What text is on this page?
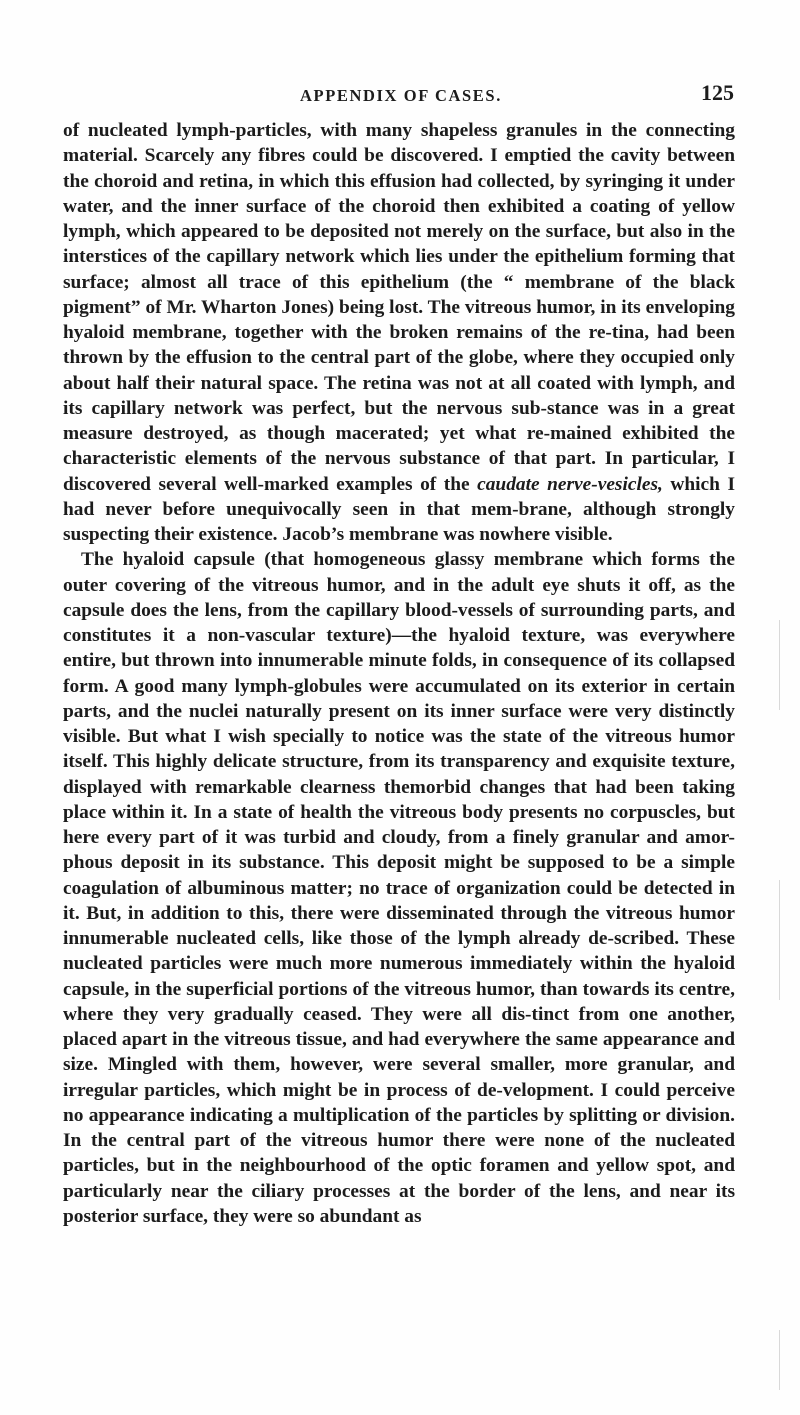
APPENDIX OF CASES.	125

of nucleated lymph-particles, with many shapeless granules in the connecting material. Scarcely any fibres could be discovered. I emptied the cavity between the choroid and retina, in which this effusion had collected, by syringing it under water, and the inner surface of the choroid then exhibited a coating of yellow lymph, which appeared to be deposited not merely on the surface, but also in the interstices of the capillary network which lies under the epithelium forming that surface; almost all trace of this epithelium (the “ membrane of the black pigment” of Mr. Wharton Jones) being lost. The vitreous humor, in its enveloping hyaloid membrane, together with the broken remains of the re-tina, had been thrown by the effusion to the central part of the globe, where they occupied only about half their natural space. The retina was not at all coated with lymph, and its capillary network was perfect, but the nervous sub-stance was in a great measure destroyed, as though macerated; yet what re-mained exhibited the characteristic elements of the nervous substance of that part. In particular, I discovered several well-marked examples of the caudate nerve-vesicles, which I had never before unequivocally seen in that mem-brane, although strongly suspecting their existence. Jacob’s membrane was nowhere visible.

The hyaloid capsule (that homogeneous glassy membrane which forms the outer covering of the vitreous humor, and in the adult eye shuts it off, as the capsule does the lens, from the capillary blood-vessels of surrounding parts, and constitutes it a non-vascular texture)—the hyaloid texture, was everywhere entire, but thrown into innumerable minute folds, in consequence of its collapsed form. A good many lymph-globules were accumulated on its exterior in certain parts, and the nuclei naturally present on its inner surface were very distinctly visible. But what I wish specially to notice was the state of the vitreous humor itself. This highly delicate structure, from its transparency and exquisite texture, displayed with remarkable clearness themorbid changes that had been taking place within it. In a state of health the vitreous body presents no corpuscles, but here every part of it was turbid and cloudy, from a finely granular and amor-phous deposit in its substance. This deposit might be supposed to be a simple coagulation of albuminous matter; no trace of organization could be detected in it. But, in addition to this, there were disseminated through the vitreous humor innumerable nucleated cells, like those of the lymph already de-scribed. These nucleated particles were much more numerous immediately within the hyaloid capsule, in the superficial portions of the vitreous humor, than towards its centre, where they very gradually ceased. They were all dis-tinct from one another, placed apart in the vitreous tissue, and had everywhere the same appearance and size. Mingled with them, however, were several smaller, more granular, and irregular particles, which might be in process of de-velopment. I could perceive no appearance indicating a multiplication of the particles by splitting or division. In the central part of the vitreous humor there were none of the nucleated particles, but in the neighbourhood of the optic foramen and yellow spot, and particularly near the ciliary processes at the border of the lens, and near its posterior surface, they were so abundant as
